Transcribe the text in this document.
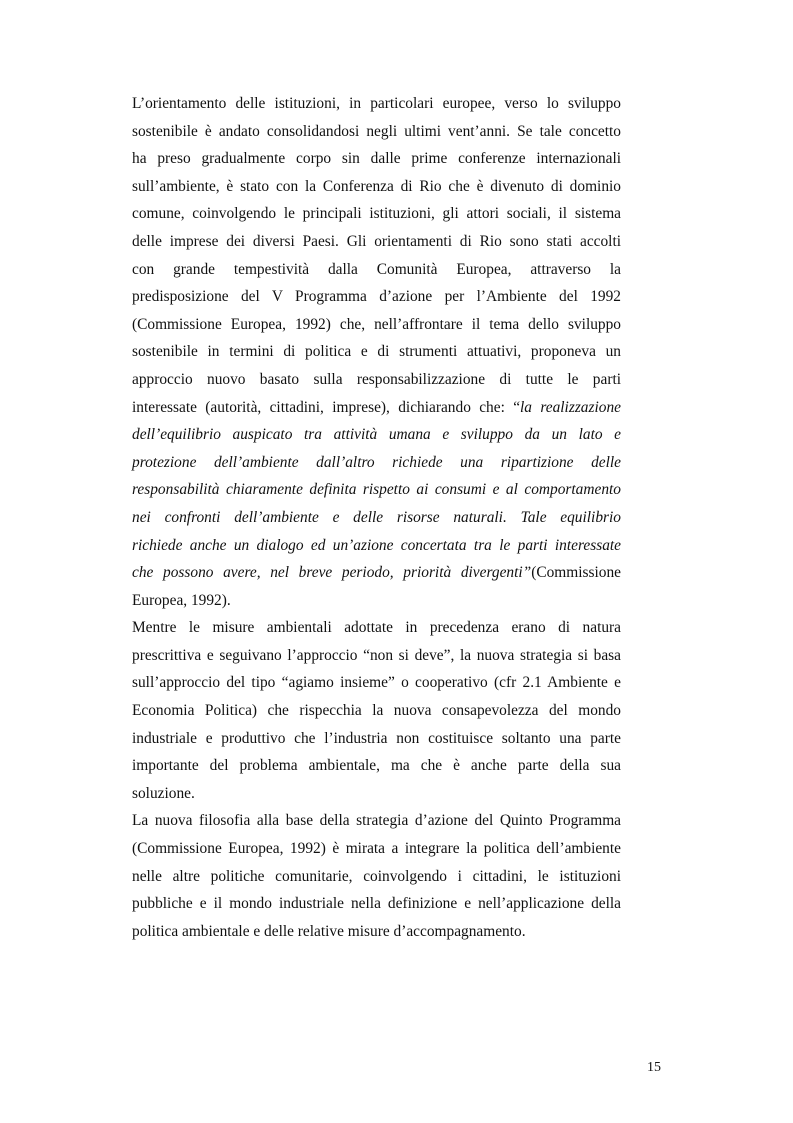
L’orientamento delle istituzioni, in particolari europee, verso lo sviluppo
sostenibile è andato consolidandosi negli ultimi vent’anni. Se tale concetto
ha preso gradualmente corpo sin dalle prime conferenze internazionali
sull’ambiente, è stato con la Conferenza di Rio che è divenuto di dominio
comune, coinvolgendo le principali istituzioni, gli attori sociali, il sistema
delle imprese dei diversi Paesi. Gli orientamenti di Rio sono stati accolti
con grande tempestività dalla Comunità Europea, attraverso la
predisposizione del V Programma d’azione per l’Ambiente del 1992
(Commissione Europea, 1992) che, nell’affrontare il tema dello sviluppo
sostenibile in termini di politica e di strumenti attuativi, proponeva un
approccio nuovo basato sulla responsabilizzazione di tutte le parti
interessate (autorità, cittadini, imprese), dichiarando che: “la realizzazione
dell’equilibrio auspicato tra attività umana e sviluppo da un lato e
protezione dell’ambiente dall’altro richiede una ripartizione delle
responsabilità chiaramente definita rispetto ai consumi e al comportamento
nei confronti dell’ambiente e delle risorse naturali. Tale equilibrio
richiede anche un dialogo ed un’azione concertata tra le parti interessate
che possono avere, nel breve periodo, priorità divergenti”(Commissione
Europea, 1992).
Mentre le misure ambientali adottate in precedenza erano di natura
prescrittiva e seguivano l’approccio “non si deve”, la nuova strategia si basa
sull’approccio del tipo “agiamo insieme” o cooperativo (cfr 2.1 Ambiente e
Economia Politica) che rispecchia la nuova consapevolezza del mondo
industriale e produttivo che l’industria non costituisce soltanto una parte
importante del problema ambientale, ma che è anche parte della sua
soluzione.
La nuova filosofia alla base della strategia d’azione del Quinto Programma
(Commissione Europea, 1992) è mirata a integrare la politica dell’ambiente
nelle altre politiche comunitarie, coinvolgendo i cittadini, le istituzioni
pubbliche e il mondo industriale nella definizione e nell’applicazione della
politica ambientale e delle relative misure d’accompagnamento.
15
